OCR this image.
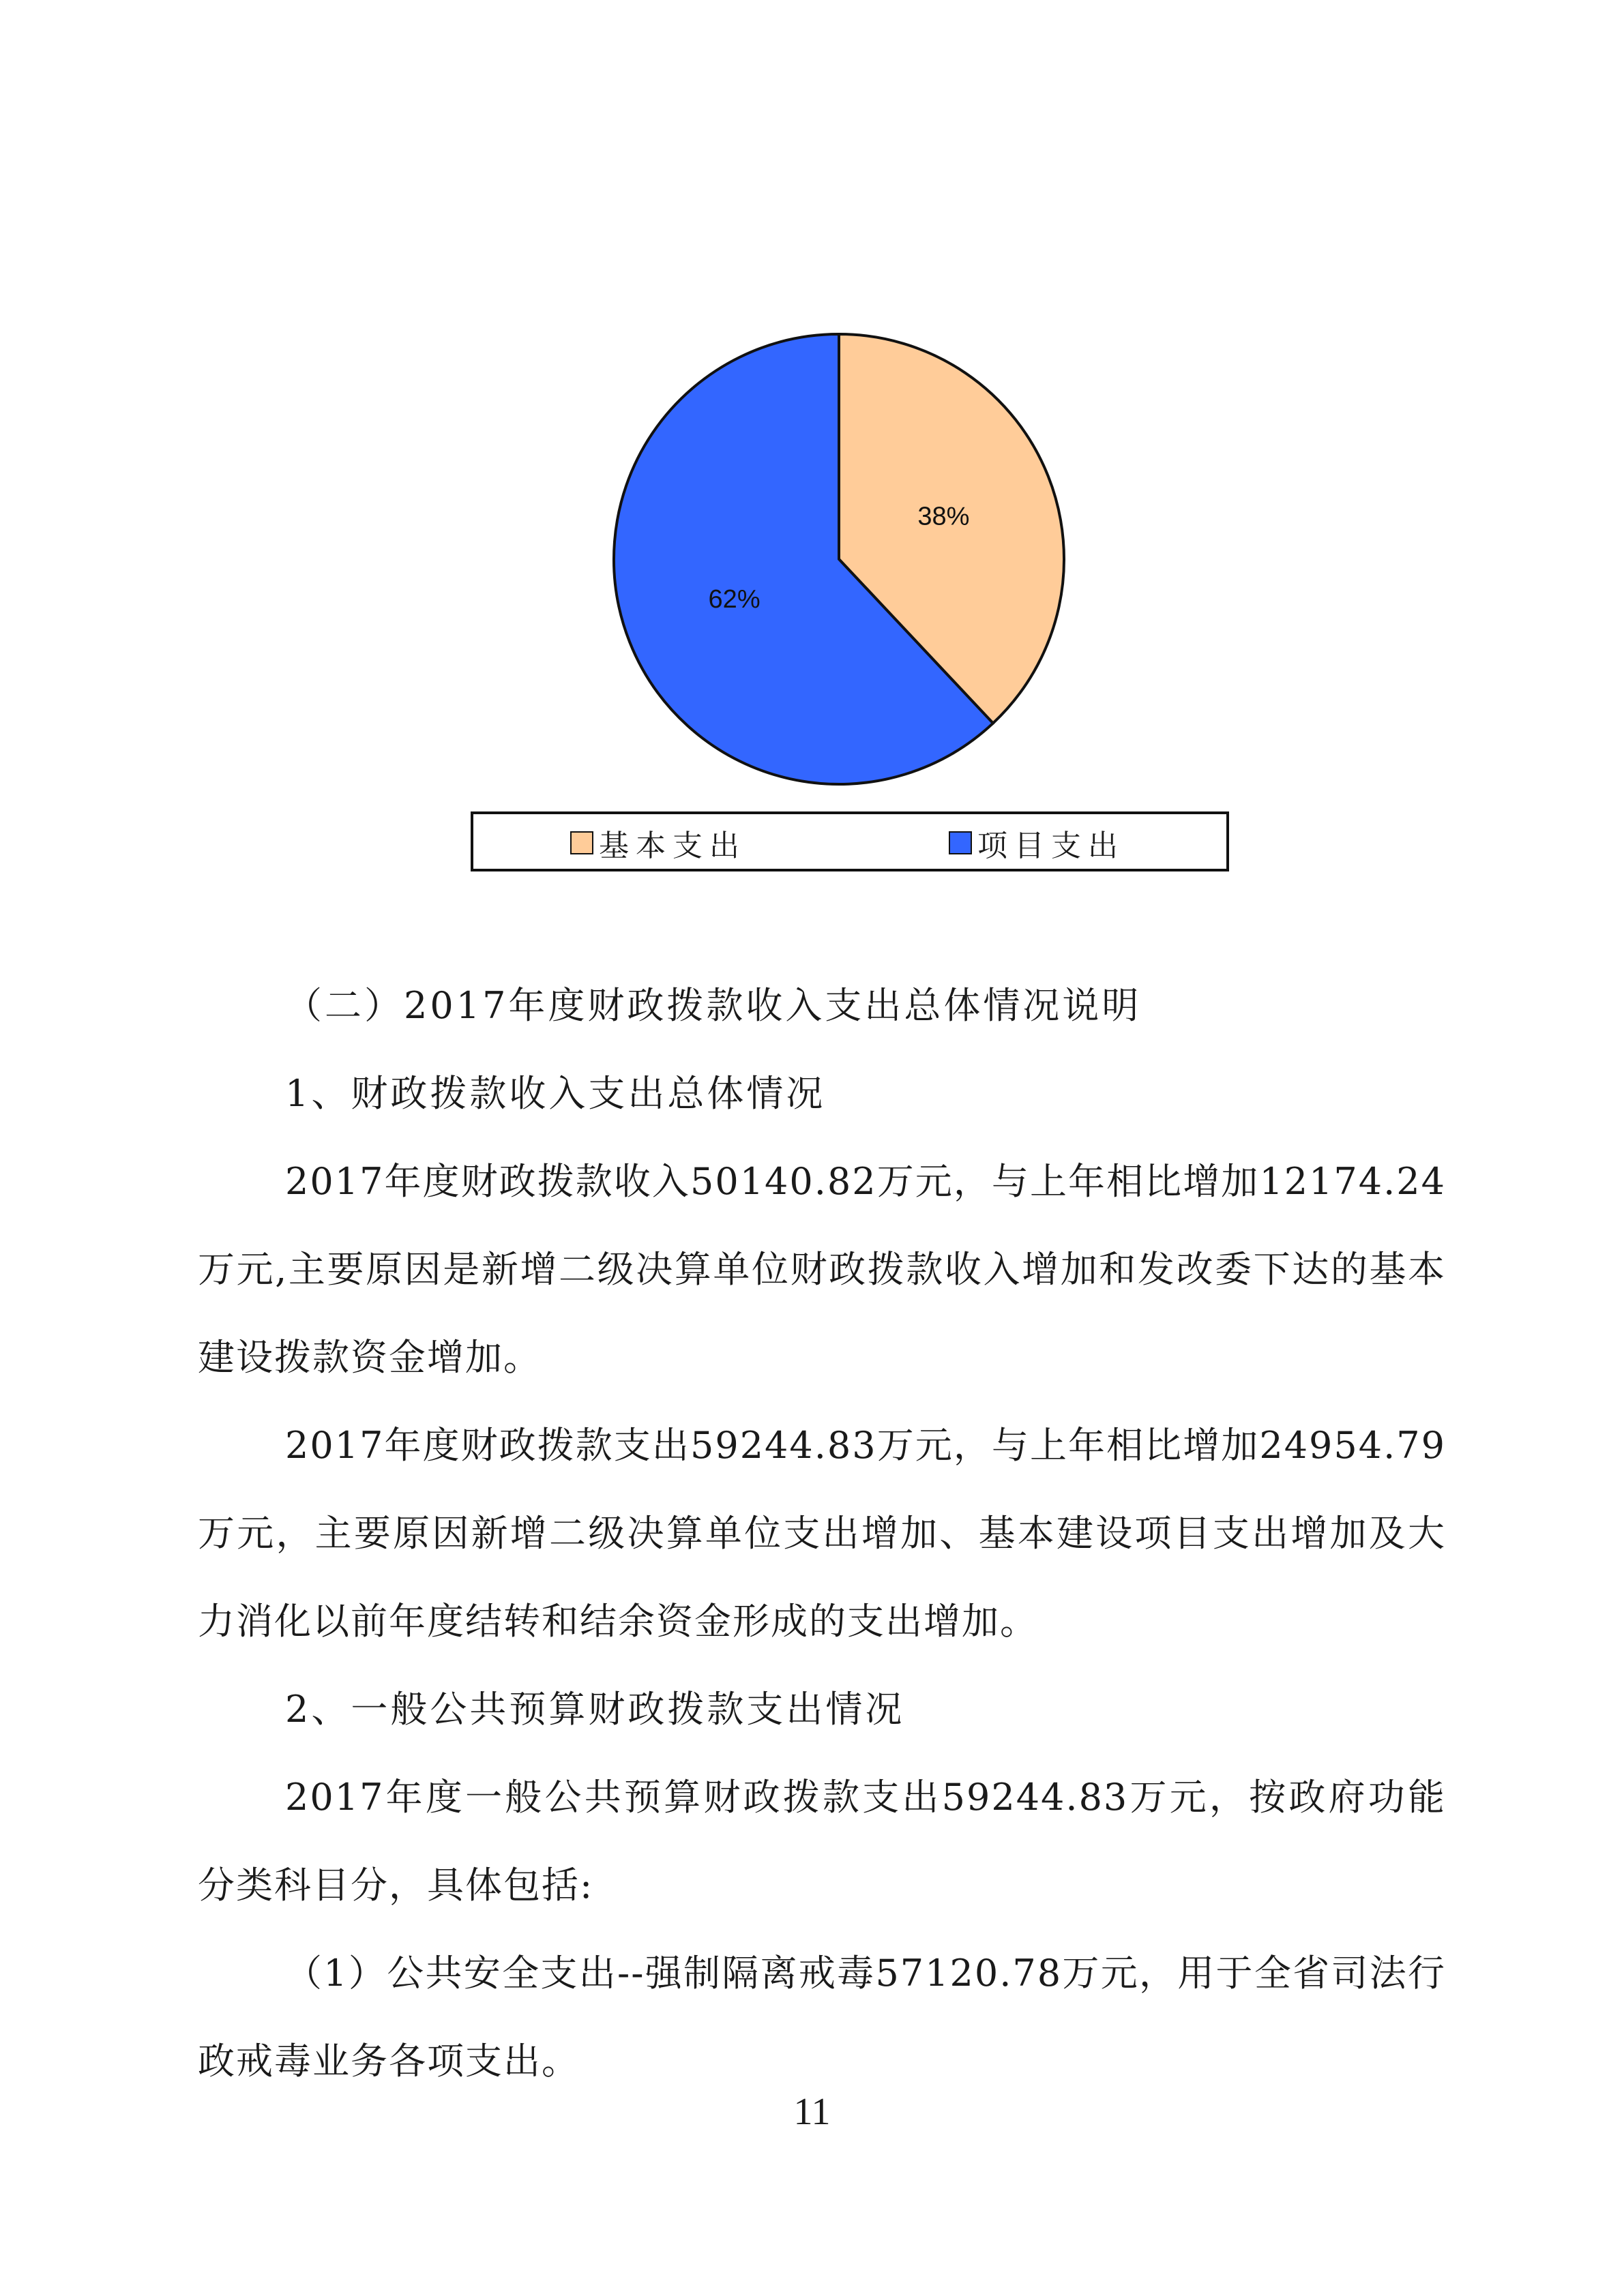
38%
62%
基本支出	项目支出

（二）2017年度财政拨款收入支出总体情况说明

1、财政拨款收入支出总体情况

2017年度财政拨款收入50140.82万元，与上年相比增加12174.24万元,主要原因是新增二级决算单位财政拨款收入增加和发改委下达的基本建设拨款资金增加。

2017年度财政拨款支出59244.83万元，与上年相比增加24954.79万元，主要原因新增二级决算单位支出增加、基本建设项目支出增加及大力消化以前年度结转和结余资金形成的支出增加。

2、一般公共预算财政拨款支出情况

2017年度一般公共预算财政拨款支出59244.83万元，按政府功能分类科目分，具体包括:

（1）公共安全支出--强制隔离戒毒57120.78万元，用于全省司法行政戒毒业务各项支出。

11
